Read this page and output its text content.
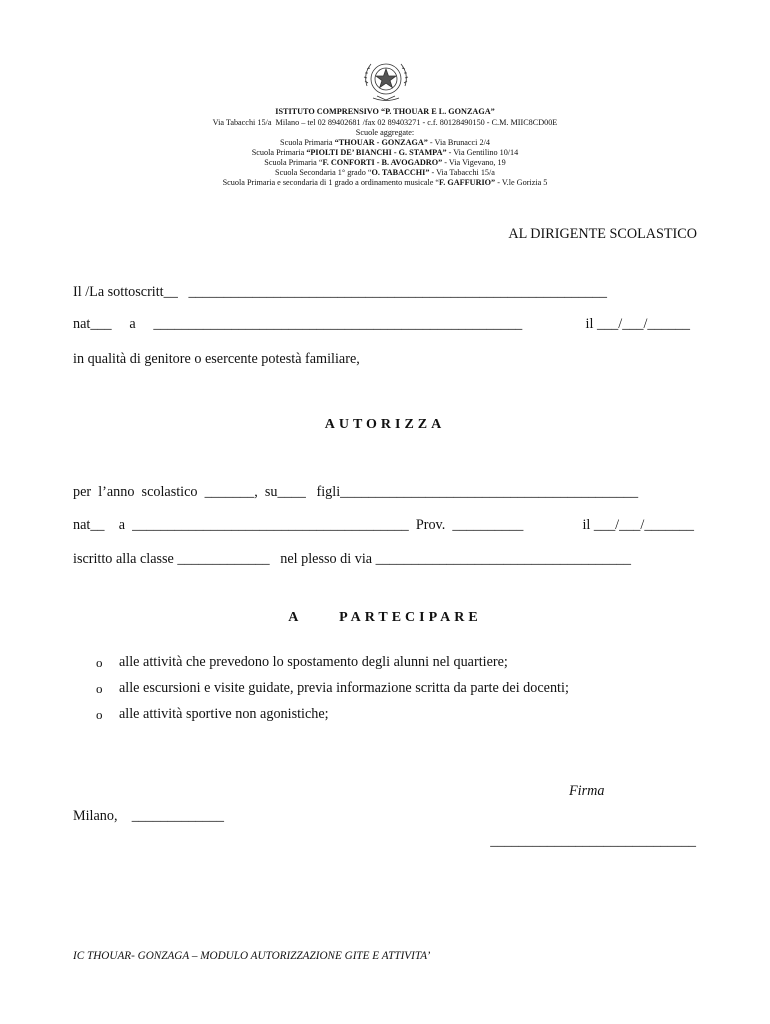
ISTITUTO COMPRENSIVO “P. THOUAR E L. GONZAGA”
Via Tabacchi 15/a  Milano – tel 02 89402681 /fax 02 89403271 - c.f. 80128490150 - C.M. MIIC8CD00E
Scuole aggregate:
Scuola Primaria “THOUAR - GONZAGA” - Via Brunacci 2/4
Scuola Primaria “PIOLTI DE’ BIANCHI - G. STAMPA” - Via Gentilino 10/14
Scuola Primaria “F. CONFORTI - B. AVOGADRO” - Via Vigevano, 19
Scuola Secondaria 1° grado “O. TABACCHI” - Via Tabacchi 15/a
Scuola Primaria e secondaria di 1 grado a ordinamento musicale “F. GAFFURIO” - V.le Gorizia 5
AL DIRIGENTE SCOLASTICO
Il /La sottoscritt__   ___________________________________________________________
nat___     a     ____________________________________________________	il ___/___/______
in qualità di genitore o esercente potestà familiare,
AUTORIZZA
per  l’anno  scolastico  _______,  su____   figli__________________________________________
nat__    a  _______________________________________  Prov.  __________	il ___/___/_______
iscritto alla classe _____________   nel plesso di via ____________________________________
A     PARTECIPARE
o alle attività che prevedono lo spostamento degli alunni nel quartiere;
o alle escursioni e visite guidate, previa informazione scritta da parte dei docenti;
o alle attività sportive non agonistiche;
Firma
Milano,    _____________
_____________________________
IC THOUAR- GONZAGA – MODULO AUTORIZZAZIONE GITE E ATTIVITA’
